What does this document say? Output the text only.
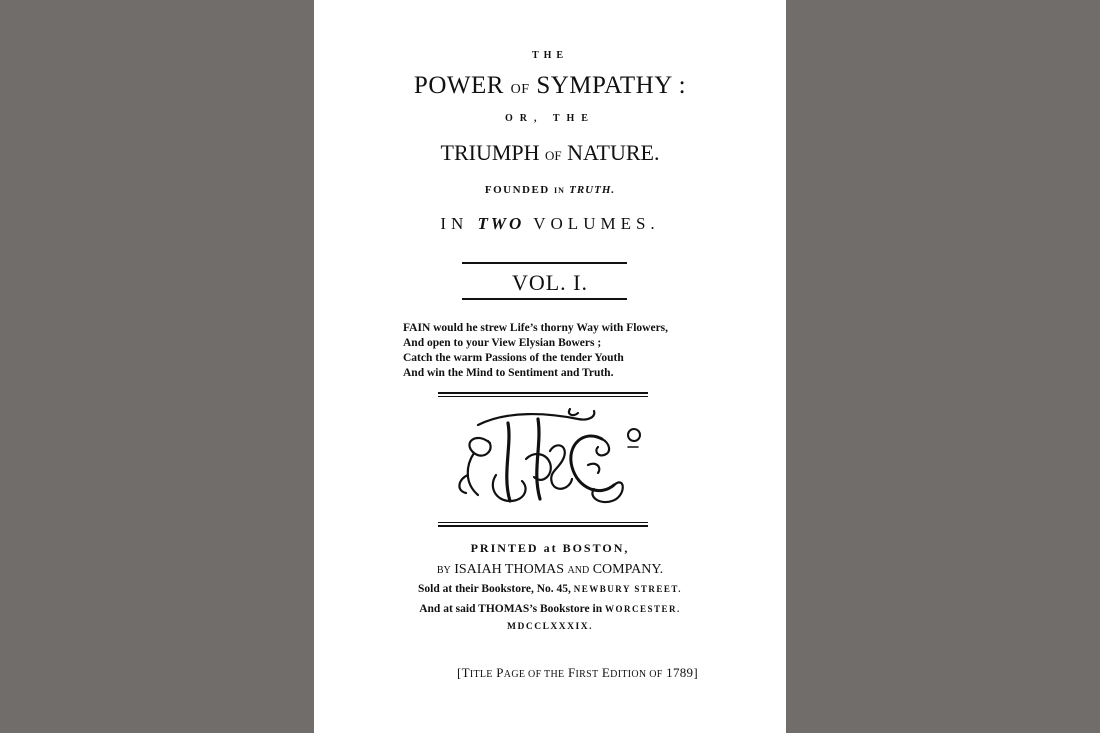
THE
POWER OF SYMPATHY :
OR, THE
TRIUMPH OF NATURE.
FOUNDED IN TRUTH.
IN TWO VOLUMES.
VOL. I.
FAIN would he strew Life’s thorny Way with Flowers,
And open to your View Elysian Bowers ;
Catch the warm Passions of the tender Youth
And win the Mind to Sentiment and Truth.
PRINTED at BOSTON,
BY ISAIAH THOMAS AND COMPANY.
Sold at their Bookstore, No. 45, NEWBURY STREET.
And at said THOMAS’s Bookstore in WORCESTER.
MDCCLXXXIX.
[TITLE PAGE OF THE FIRST EDITION OF 1789]
